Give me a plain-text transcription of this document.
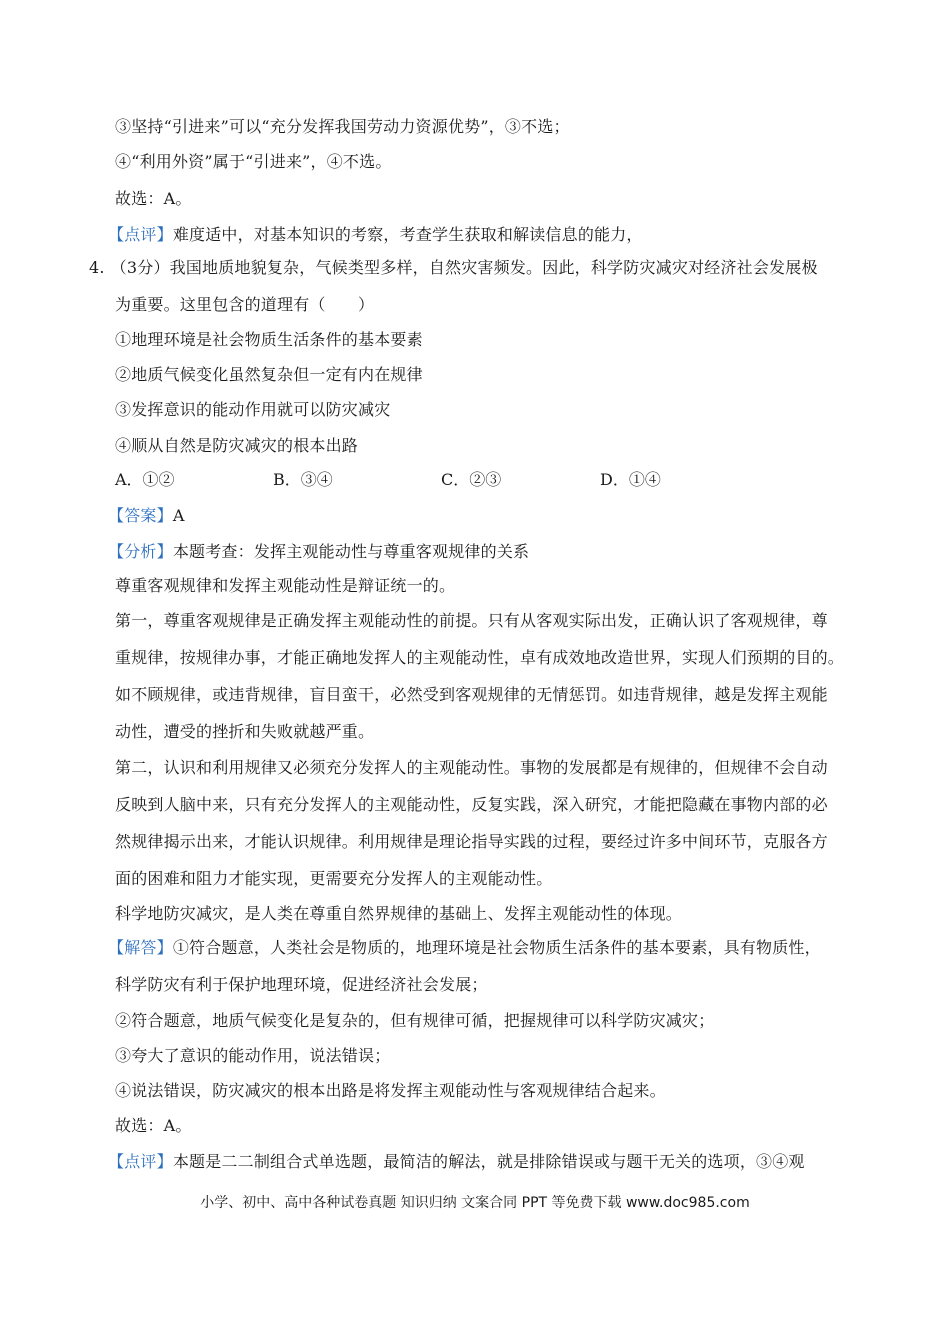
③坚持“引进来”可以“充分发挥我国劳动力资源优势”，③不选；
④“利用外资”属于“引进来”，④不选。
故选：A。
【点评】难度适中，对基本知识的考察，考查学生获取和解读信息的能力，
4. （3分）我国地质地貌复杂，气候类型多样，自然灾害频发。因此，科学防灾减灾对经济社会发展极
为重要。这里包含的道理有（　　）
①地理环境是社会物质生活条件的基本要素
②地质气候变化虽然复杂但一定有内在规律
③发挥意识的能动作用就可以防灾减灾
④顺从自然是防灾减灾的根本出路
A．①②	B．③④	C．②③	D．①④
【答案】A
【分析】本题考查：发挥主观能动性与尊重客观规律的关系
尊重客观规律和发挥主观能动性是辩证统一的。
第一，尊重客观规律是正确发挥主观能动性的前提。只有从客观实际出发，正确认识了客观规律，尊
重规律，按规律办事，才能正确地发挥人的主观能动性，卓有成效地改造世界，实现人们预期的目的。
如不顾规律，或违背规律，盲目蛮干，必然受到客观规律的无情惩罚。如违背规律，越是发挥主观能
动性，遭受的挫折和失败就越严重。
第二，认识和利用规律又必须充分发挥人的主观能动性。事物的发展都是有规律的，但规律不会自动
反映到人脑中来，只有充分发挥人的主观能动性，反复实践，深入研究，才能把隐藏在事物内部的必
然规律揭示出来，才能认识规律。利用规律是理论指导实践的过程，要经过许多中间环节，克服各方
面的困难和阻力才能实现，更需要充分发挥人的主观能动性。
科学地防灾减灾，是人类在尊重自然界规律的基础上、发挥主观能动性的体现。
【解答】①符合题意，人类社会是物质的，地理环境是社会物质生活条件的基本要素，具有物质性，
科学防灾有利于保护地理环境，促进经济社会发展；
②符合题意，地质气候变化是复杂的，但有规律可循，把握规律可以科学防灾减灾；
③夸大了意识的能动作用，说法错误；
④说法错误，防灾减灾的根本出路是将发挥主观能动性与客观规律结合起来。
故选：A。
【点评】本题是二二制组合式单选题，最简洁的解法，就是排除错误或与题干无关的选项，③④观
小学、初中、高中各种试卷真题 知识归纳 文案合同 PPT 等免费下载 www.doc985.com
